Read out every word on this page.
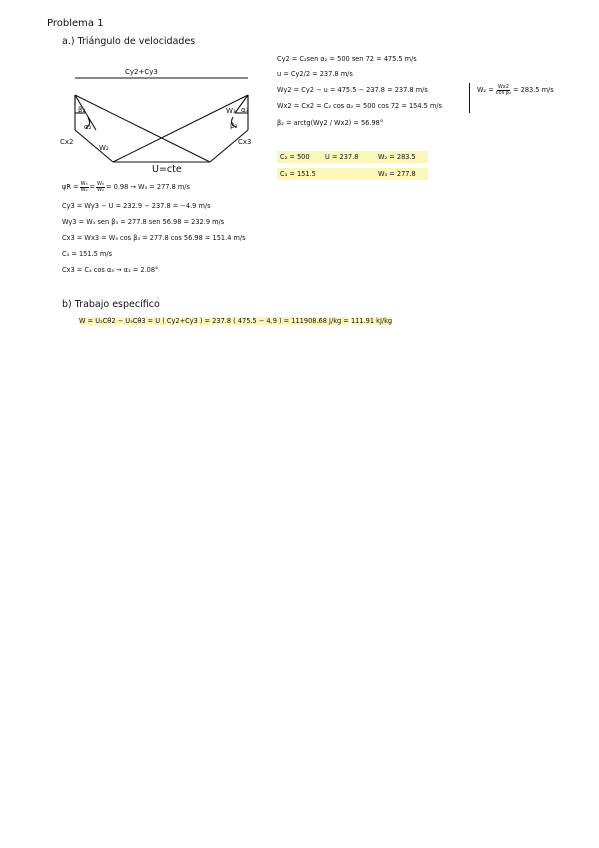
Problema 1
a.) Triángulo de velocidades
Cy2+Cy3
β₂
α₂
W₂
Cx2
W₃
β₃
α₃
Cx3
U=cte
Cy2 = C₂sen α₂ = 500 sen 72 = 475.5 m/s
u = Cy2/2 = 237.8 m/s
Wy2 = Cy2 − u = 475.5 − 237.8 = 237.8 m/s
Wx2 = Cx2 = C₂ cos α₂ = 500 cos 72 = 154.5 m/s
β₂ = arctg(Wy2 / Wx2) = 56.98°
$W_2 = \frac{Wx2}{\text{cos β₂}} = 283.5$ m/s
C₂ = 500 U = 237.8	W₂ = 283.5
C₃ = 151.5	W₃ = 277.8
$\psi R = \frac{\text{W₃}}{\text{W₂}} = \frac{\text{W₃}}{\text{W₂}} = 0.98 \to W_3 = 277.8$ m/s
Cy3 = Wy3 − U = 232.9 − 237.8 = −4.9 m/s
Wy3 = W₃ sen β₃ = 277.8 sen 56.98 = 232.9 m/s
Cx3 = Wx3 = W₃ cos β₃ = 277.8 cos 56.98 = 151.4 m/s
C₃ = 151.5 m/s
Cx3 = C₃ cos α₃ → α₃ = 2.08°
b) Trabajo específico
W = U₂Cθ2 − U₃Cθ3 = U ( Cy2+Cy3 ) = 237.8 ( 475.5 − 4.9 ) = 111908.68 J/kg = 111.91 kJ/kg
